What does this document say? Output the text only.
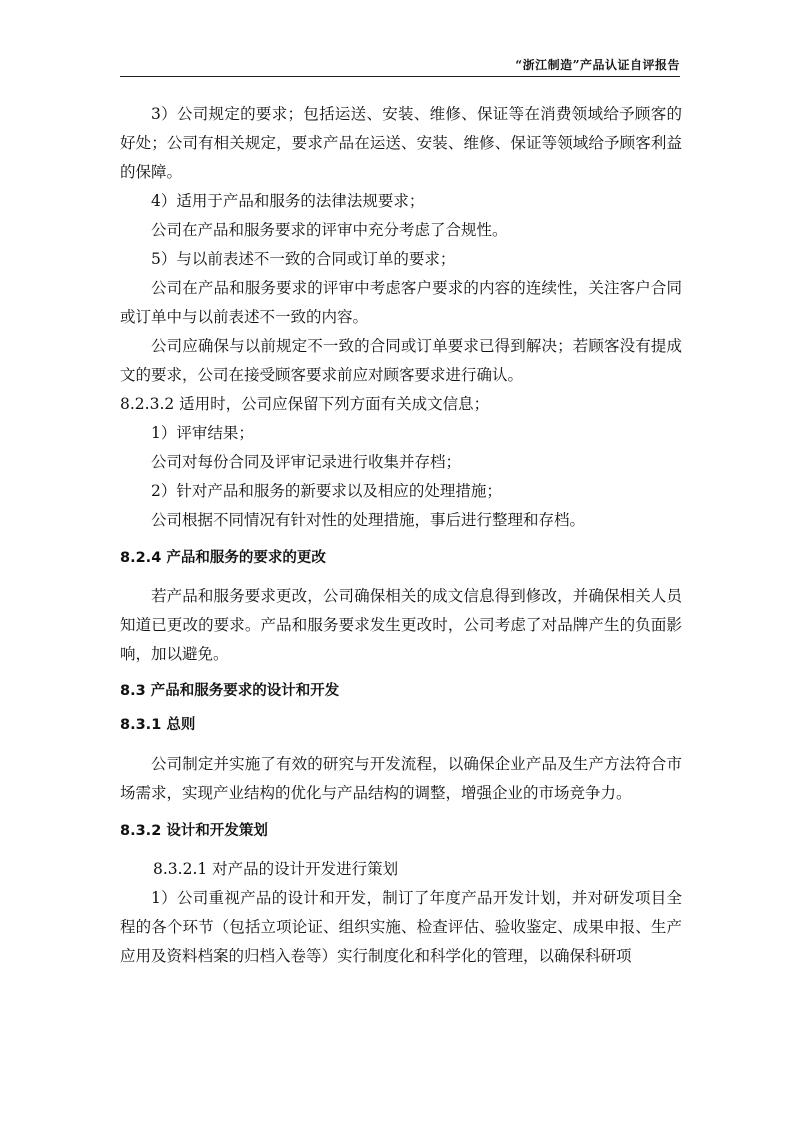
“浙江制造”产品认证自评报告

3）公司规定的要求；包括运送、安装、维修、保证等在消费领域给予顾客的好处；公司有相关规定，要求产品在运送、安装、维修、保证等领域给予顾客利益的保障。

4）适用于产品和服务的法律法规要求；

公司在产品和服务要求的评审中充分考虑了合规性。

5）与以前表述不一致的合同或订单的要求；

公司在产品和服务要求的评审中考虑客户要求的内容的连续性，关注客户合同或订单中与以前表述不一致的内容。

公司应确保与以前规定不一致的合同或订单要求已得到解决；若顾客没有提成文的要求，公司在接受顾客要求前应对顾客要求进行确认。

8.2.3.2 适用时，公司应保留下列方面有关成文信息；

1）评审结果；

公司对每份合同及评审记录进行收集并存档；

2）针对产品和服务的新要求以及相应的处理措施；

公司根据不同情况有针对性的处理措施，事后进行整理和存档。

8.2.4 产品和服务的要求的更改

若产品和服务要求更改，公司确保相关的成文信息得到修改，并确保相关人员知道已更改的要求。产品和服务要求发生更改时，公司考虑了对品牌产生的负面影响，加以避免。

8.3 产品和服务要求的设计和开发
8.3.1 总则

公司制定并实施了有效的研究与开发流程，以确保企业产品及生产方法符合市场需求，实现产业结构的优化与产品结构的调整，增强企业的市场竞争力。

8.3.2 设计和开发策划

8.3.2.1 对产品的设计开发进行策划

1）公司重视产品的设计和开发，制订了年度产品开发计划，并对研发项目全程的各个环节（包括立项论证、组织实施、检查评估、验收鉴定、成果申报、生产应用及资料档案的归档入卷等）实行制度化和科学化的管理，以确保科研项
